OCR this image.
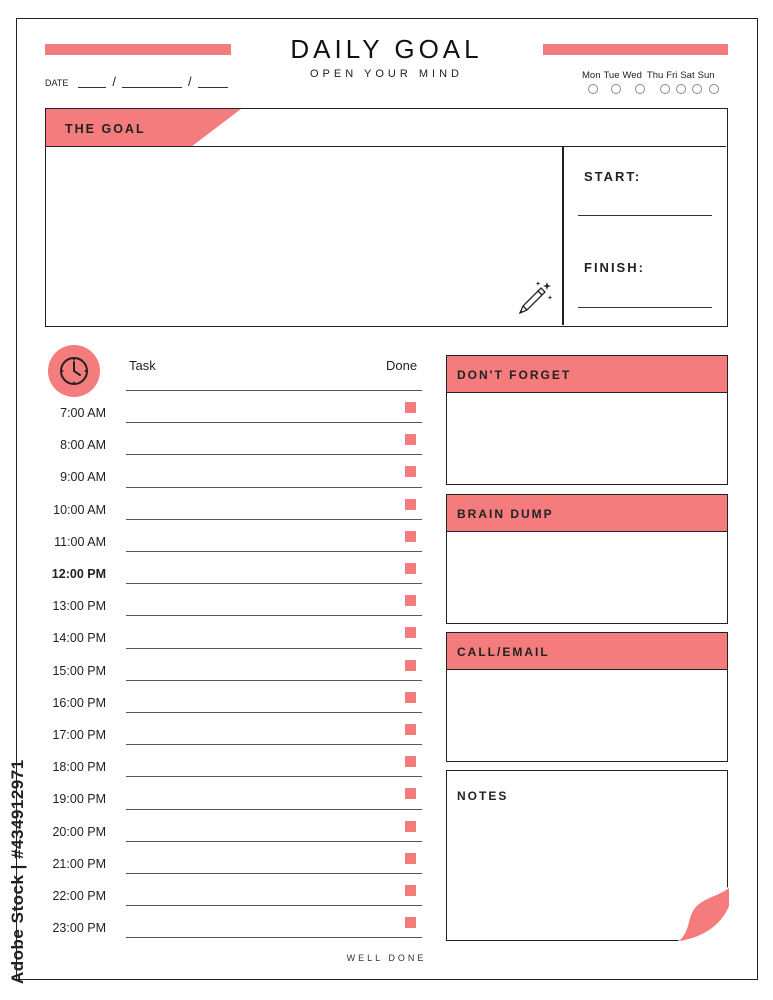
DAILY GOAL
OPEN YOUR MIND
DATE	/	/	Mon Tue Wed Thu Fri Sat Sun
THE GOAL
START:
FINISH:
Task	Done
7:00 AM
8:00 AM
9:00 AM
10:00 AM
11:00 AM
12:00 PM
13:00 PM
14:00 PM
15:00 PM
16:00 PM
17:00 PM
18:00 PM
19:00 PM
20:00 PM
21:00 PM
22:00 PM
23:00 PM
DON'T FORGET
BRAIN DUMP
CALL/EMAIL
NOTES
WELL DONE
Adobe Stock | #434912971
